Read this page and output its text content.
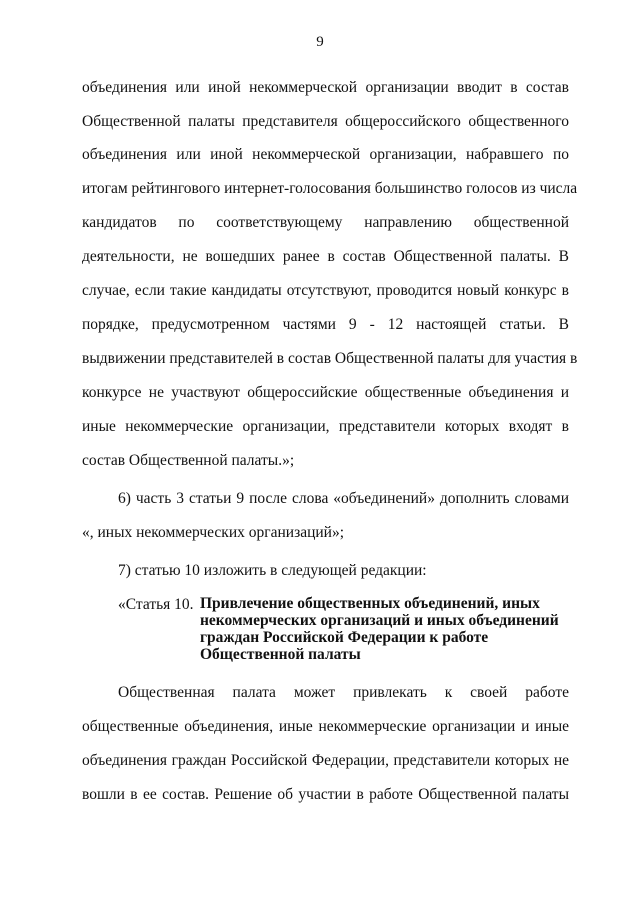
9
объединения или иной некоммерческой организации вводит в состав
Общественной палаты представителя общероссийского общественного
объединения или иной некоммерческой организации, набравшего по
итогам рейтингового интернет-голосования большинство голосов из числа
кандидатов по соответствующему направлению общественной
деятельности, не вошедших ранее в состав Общественной палаты. В
случае, если такие кандидаты отсутствуют, проводится новый конкурс в
порядке, предусмотренном частями 9 - 12 настоящей статьи. В
выдвижении представителей в состав Общественной палаты для участия в
конкурсе не участвуют общероссийские общественные объединения и
иные некоммерческие организации, представители которых входят в
состав Общественной палаты.»;
6) часть 3 статьи 9 после слова «объединений» дополнить словами
«, иных некоммерческих организаций»;
7) статью 10 изложить в следующей редакции:
«Статья 10. Привлечение общественных объединений, иных
некоммерческих организаций и иных объединений
граждан Российской Федерации к работе
Общественной палаты
Общественная палата может привлекать к своей работе
общественные объединения, иные некоммерческие организации и иные
объединения граждан Российской Федерации, представители которых не
вошли в ее состав. Решение об участии в работе Общественной палаты
